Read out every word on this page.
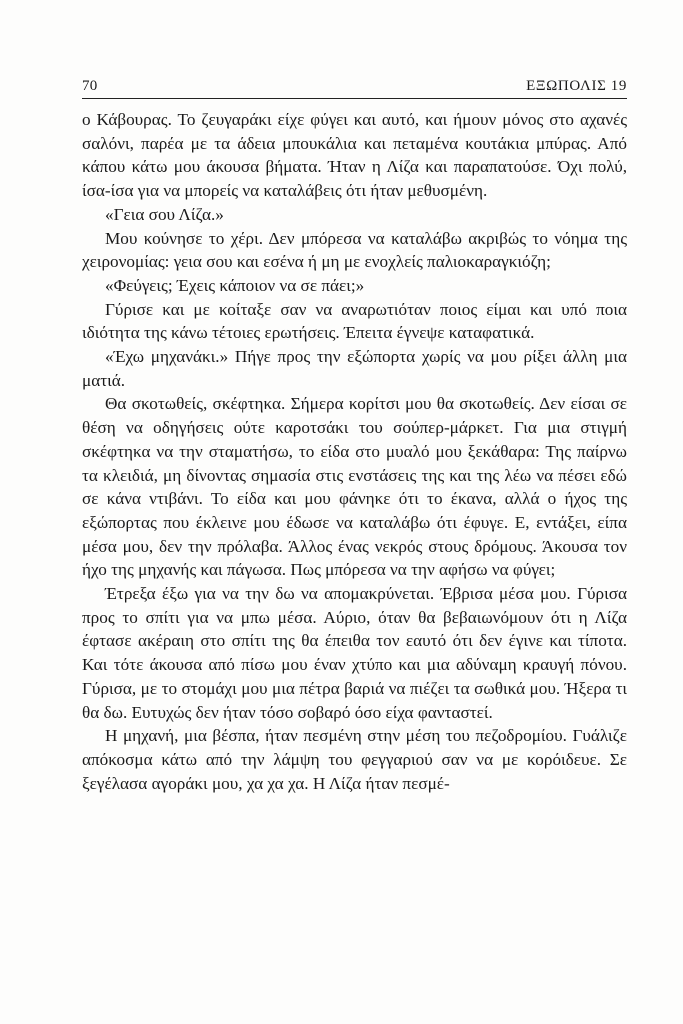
70	ΕΞΩΠΟΛΙΣ 19

ο Κάβουρας. Το ζευγαράκι είχε φύγει και αυτό, και ήμουν μόνος στο αχανές σαλόνι, παρέα με τα άδεια μπουκάλια και πεταμένα κουτάκια μπύρας. Από κάπου κάτω μου άκουσα βήματα. Ήταν η Λίζα και παραπατούσε. Όχι πολύ, ίσα-ίσα για να μπορείς να καταλάβεις ότι ήταν μεθυσμένη.

«Γεια σου Λίζα.»

Μου κούνησε το χέρι. Δεν μπόρεσα να καταλάβω ακριβώς το νόημα της χειρονομίας: γεια σου και εσένα ή μη με ενοχλείς παλιοκαραγκιόζη;

«Φεύγεις; Έχεις κάποιον να σε πάει;»

Γύρισε και με κοίταξε σαν να αναρωτιόταν ποιος είμαι και υπό ποια ιδιότητα της κάνω τέτοιες ερωτήσεις. Έπειτα έγνεψε καταφατικά.

«Έχω μηχανάκι.» Πήγε προς την εξώπορτα χωρίς να μου ρίξει άλλη μια ματιά.

Θα σκοτωθείς, σκέφτηκα. Σήμερα κορίτσι μου θα σκοτωθείς. Δεν είσαι σε θέση να οδηγήσεις ούτε καροτσάκι του σούπερ-μάρκετ. Για μια στιγμή σκέφτηκα να την σταματήσω, το είδα στο μυαλό μου ξεκάθαρα: Της παίρνω τα κλειδιά, μη δίνοντας σημασία στις ενστάσεις της και της λέω να πέσει εδώ σε κάνα ντιβάνι. Το είδα και μου φάνηκε ότι το έκανα, αλλά ο ήχος της εξώπορτας που έκλεινε μου έδωσε να καταλάβω ότι έφυγε. Ε, εντάξει, είπα μέσα μου, δεν την πρόλαβα. Άλλος ένας νεκρός στους δρόμους. Άκουσα τον ήχο της μηχανής και πάγωσα. Πως μπόρεσα να την αφήσω να φύγει;

Έτρεξα έξω για να την δω να απομακρύνεται. Έβρισα μέσα μου. Γύρισα προς το σπίτι για να μπω μέσα. Αύριο, όταν θα βεβαιωνόμουν ότι η Λίζα έφτασε ακέραιη στο σπίτι της θα έπειθα τον εαυτό ότι δεν έγινε και τίποτα. Και τότε άκουσα από πίσω μου έναν χτύπο και μια αδύναμη κραυγή πόνου. Γύρισα, με το στομάχι μου μια πέτρα βαριά να πιέζει τα σωθικά μου. Ήξερα τι θα δω. Ευτυχώς δεν ήταν τόσο σοβαρό όσο είχα φανταστεί.

Η μηχανή, μια βέσπα, ήταν πεσμένη στην μέση του πεζοδρομίου. Γυάλιζε απόκοσμα κάτω από την λάμψη του φεγγαριού σαν να με κορόιδευε. Σε ξεγέλασα αγοράκι μου, χα χα χα. Η Λίζα ήταν πεσμέ-
